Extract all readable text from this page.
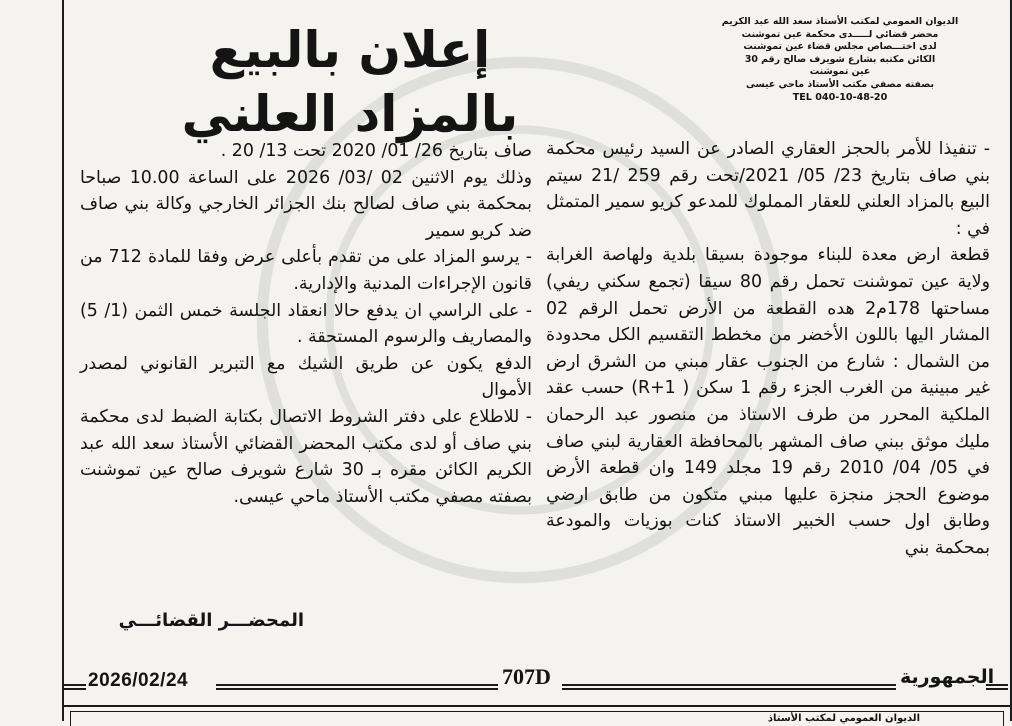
الديوان العمومي لمكتب الأستاذ سعد الله عبد الكريم
محضر قضائي لـــــدى محكمة عين تموشنت
لدى اختـــصاص مجلس قضاء عين تموشنت
الكائن مكتبه بشارع شويرف صالح رقم 30
عين تموشنت
بصفته مصفي مكتب الأستاذ ماحي عيسى
TEL 040-10-48-20
إعلان بالبيع
بالمزاد العلني

- تنفيذا للأمر بالحجز العقاري الصادر عن السيد رئيس محكمة بني صاف بتاريخ 23/ 05/ 2021/تحت رقم 259 /21 سيتم البيع بالمزاد العلني للعقار المملوك للمدعو كريو سمير المتمثل في :

قطعة ارض معدة للبناء موجودة بسيقا بلدية ولهاصة الغرابة ولاية عين تموشنت تحمل رقم 80 سيقا (تجمع سكني ريفي) مساحتها 178م2 هده القطعة من الأرض تحمل الرقم 02 المشار اليها باللون الأخضر من مخطط التقسيم الكل محدودة من الشمال : شارع من الجنوب عقار مبني من الشرق ارض غير مبينية من الغرب الجزء رقم 1 سكن ( R+1) حسب عقد الملكية المحرر من طرف الاستاذ من منصور عبد الرحمان مليك موثق ببني صاف المشهر بالمحافظة العقارية لبني صاف في 05/ 04/ 2010 رقم 19 مجلد 149 وان قطعة الأرض موضوع الحجز منجزة عليها مبني متكون من طابق ارضي وطابق اول حسب الخبير الاستاذ كنات بوزيات والمودعة بمحكمة بني

صاف بتاريخ 26/ 01/ 2020 تحت 13/ 20 .

وذلك يوم الاثنين 02 /03/ 2026 على الساعة 10.00 صباحا بمحكمة بني صاف لصالح بنك الجزائر الخارجي وكالة بني صاف ضد كريو سمير

- يرسو المزاد على من تقدم بأعلى عرض وفقا للمادة 712 من قانون الإجراءات المدنية والإدارية.

- على الراسي ان يدفع حالا انعقاد الجلسة خمس الثمن (1/ 5) والمصاريف والرسوم المستحقة .

الدفع يكون عن طريق الشيك مع التبرير القانوني لمصدر الأموال

- للاطلاع على دفتر الشروط الاتصال بكتابة الضبط لدى محكمة بني صاف أو لدى مكتب المحضر القضائي الأستاذ سعد الله عبد الكريم الكائن مقره بـ 30 شارع شويرف صالح عين تموشنت بصفته مصفي مكتب الأستاذ ماحي عيسى.

المحضـــر القضائـــي
2026/02/24	707D	الجمهورية
الديوان العمومي لمكتب الأستاذ
